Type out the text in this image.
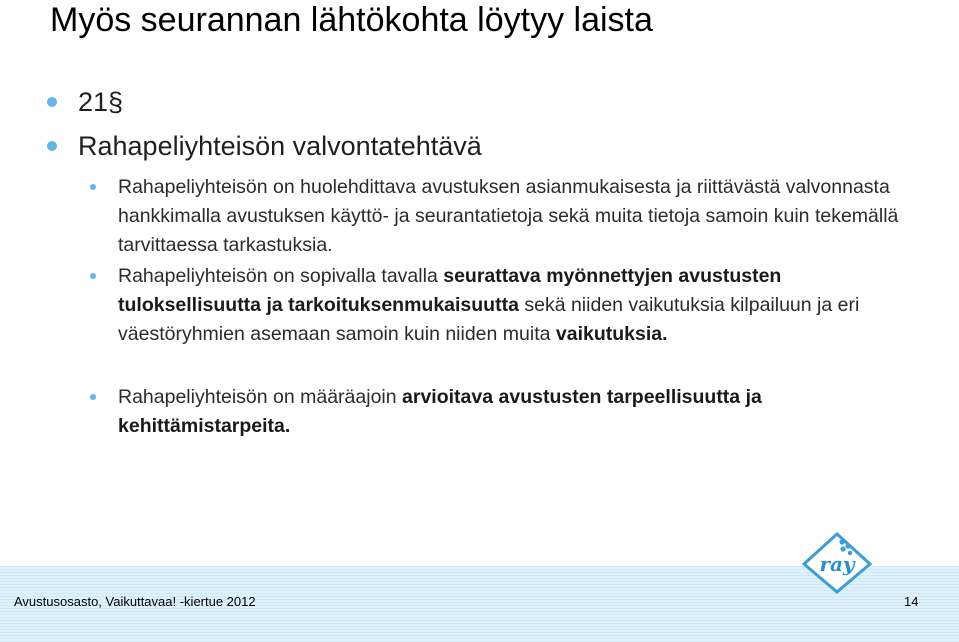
Myös seurannan lähtökohta löytyy laista
21§
Rahapeliyhteisön valvontatehtävä
Rahapeliyhteisön on huolehdittava avustuksen asianmukaisesta ja riittävästä valvonnasta hankkimalla avustuksen käyttö- ja seurantatietoja sekä muita tietoja samoin kuin tekemällä tarvittaessa tarkastuksia.
Rahapeliyhteisön on sopivalla tavalla seurattava myönnettyjen avustusten tuloksellisuutta ja tarkoituksenmukaisuutta sekä niiden vaikutuksia kilpailuun ja eri väestöryhmien asemaan samoin kuin niiden muita vaikutuksia.
Rahapeliyhteisön on määräajoin arvioitava avustusten tarpeellisuutta ja kehittämistarpeita.
ray
Avustusosasto, Vaikuttavaa! -kiertue 2012	14
